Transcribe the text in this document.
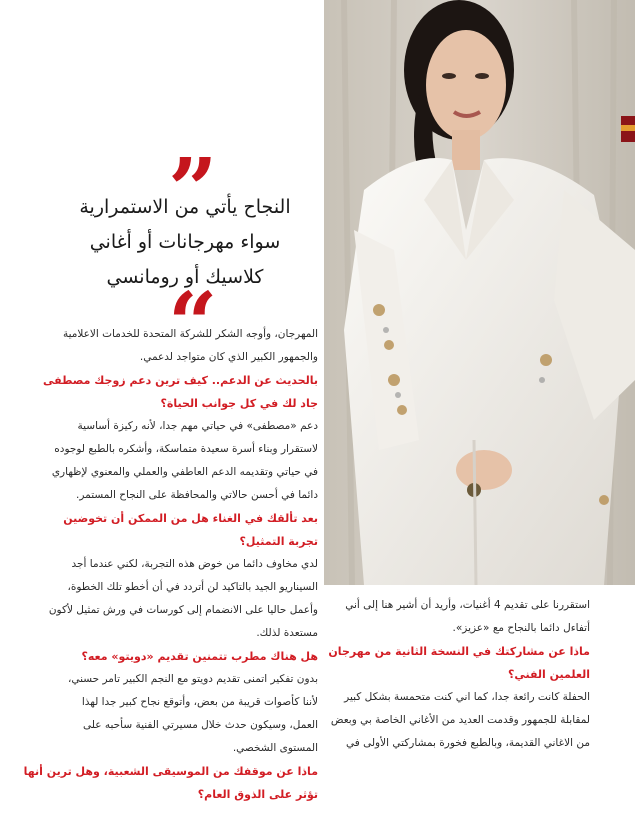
”
النجاح يأتي من الاستمرارية
سواء مهرجانات أو أغاني
كلاسيك أو رومانسي
“
المهرجان، وأوجه الشكر للشركة المتحدة للخدمات الاعلامية
والجمهور الكبير الذي كان متواجد لدعمي.
بالحديث عن الدعم.. كيف ترين دعم زوجك مصطفى
جاد لك في كل جوانب الحياة؟
دعم «مصطفى» في حياتي مهم جدا، لأنه ركيزة أساسية
لاستقرار وبناء أسرة سعيدة متماسكة، وأشكره بالطبع لوجوده
في حياتي وتقديمه الدعم العاطفي والعملي والمعنوي لإظهاري
دائما في أحسن حالاتي والمحافظة على النجاح المستمر.
بعد تألقك في الغناء هل من الممكن أن تخوضين
تجربة التمثيل؟
لدي مخاوف دائما من خوض هذه التجربة، لكني عندما أجد
السيناريو الجيد بالتاكيد لن أتردد في أن أخطو تلك الخطوة،
وأعمل حاليا على الانضمام إلى كورسات في ورش تمثيل لأكون
مستعدة لذلك.
هل هناك مطرب تتمنين تقديم «دويتو» معه؟
بدون تفكير اتمنى تقديم دويتو مع النجم الكبير تامر حسني،
لأننا كأصوات قريبة من بعض، وأتوقع نجاح كبير جدا لهذا
العمل، وسيكون حدث خلال مسيرتي الفنية سأحبه على
المستوى الشخصي.
ماذا عن موقفك من الموسيقى الشعبية، وهل ترين أنها
تؤثر على الذوق العام؟
استقررنا على تقديم 4 أغنيات، وأريد أن أشير هنا إلى أني
أتفاءل دائما بالنجاح مع «عزيز».
ماذا عن مشاركتك في النسخة الثانية من مهرجان
العلمين الفني؟
الحفلة كانت رائعة جدا، كما اني كنت متحمسة بشكل كبير
لمقابلة للجمهور وقدمت العديد من الأغاني الخاصة بي وبعض
من الاغاني القديمة، وبالطبع فخورة بمشاركتي الأولى في
